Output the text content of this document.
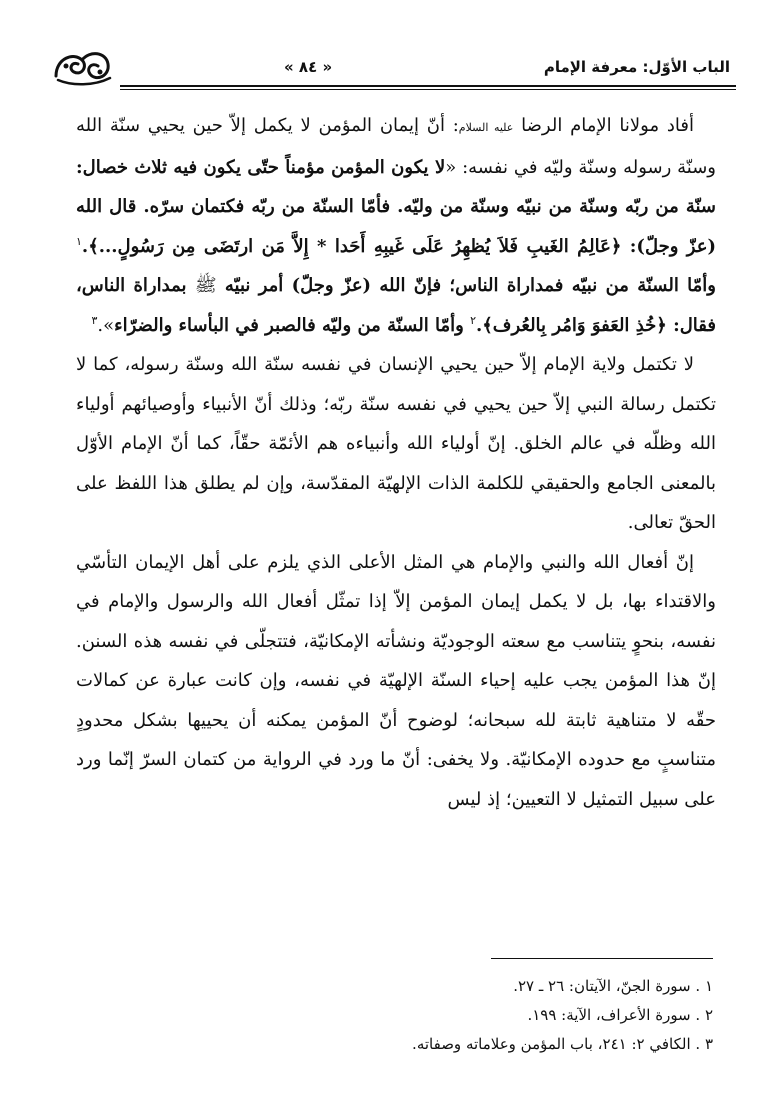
« ٨٤ »	الباب الأوّل: معرفة الإمام

أفاد مولانا الإمام الرضا عليه السلام: أنّ إيمان المؤمن لا يكمل إلاّ حين يحيي سنّة الله وسنّة رسوله وسنّة وليّه في نفسه: «لا يكون المؤمن مؤمناً حتّى يكون فيه ثلاث خصال: سنّة من ربّه وسنّة من نبيّه وسنّة من وليّه. فأمّا السنّة من ربّه فكتمان سرّه. قال الله (عزّ وجلّ): ﴿عَالِمُ الغَيبِ فَلاَ يُظهِرُ عَلَى غَيبِهِ أَحَدا * إِلاَّ مَن ارتَضَى مِن رَسُولٍ...﴾.$^١$ وأمّا السنّة من نبيّه فمداراة الناس؛ فإنّ الله (عزّ وجلّ) أمر نبيّه ﷺ بمداراة الناس، فقال: ﴿خُذِ العَفوَ وَامُر بِالعُرف﴾.$^٢$ وأمّا السنّة من وليّه فالصبر في البأساء والضرّاء».$^٣$

لا تكتمل ولاية الإمام إلاّ حين يحيي الإنسان في نفسه سنّة الله وسنّة رسوله، كما لا تكتمل رسالة النبي إلاّ حين يحيي في نفسه سنّة ربّه؛ وذلك أنّ الأنبياء وأوصيائهم أولياء الله وظلّه في عالم الخلق. إنّ أولياء الله وأنبياءه هم الأئمّة حقّاً، كما أنّ الإمام الأوّل بالمعنى الجامع والحقيقي للكلمة الذات الإلهيّة المقدّسة، وإن لم يطلق هذا اللفظ على الحقّ تعالى.

إنّ أفعال الله والنبي والإمام هي المثل الأعلى الذي يلزم على أهل الإيمان التأسّي والاقتداء بها، بل لا يكمل إيمان المؤمن إلاّ إذا تمثّل أفعال الله والرسول والإمام في نفسه، بنحوٍ يتناسب مع سعته الوجوديّة ونشأته الإمكانيّة، فتتجلّى في نفسه هذه السنن. إنّ هذا المؤمن يجب عليه إحياء السنّة الإلهيّة في نفسه، وإن كانت عبارة عن كمالات حقّه لا متناهية ثابتة لله سبحانه؛ لوضوح أنّ المؤمن يمكنه أن يحييها بشكل محدودٍ متناسبٍ مع حدوده الإمكانيّة. ولا يخفى: أنّ ما ورد في الرواية من كتمان السرّ إنّما ورد على سبيل التمثيل لا التعيين؛ إذ ليس

١ . سورة الجنّ، الآيتان: ٢٦ ـ ٢٧.
٢ . سورة الأعراف، الآية: ١٩٩.
٣ . الكافي ٢: ٢٤١، باب المؤمن وعلاماته وصفاته.
